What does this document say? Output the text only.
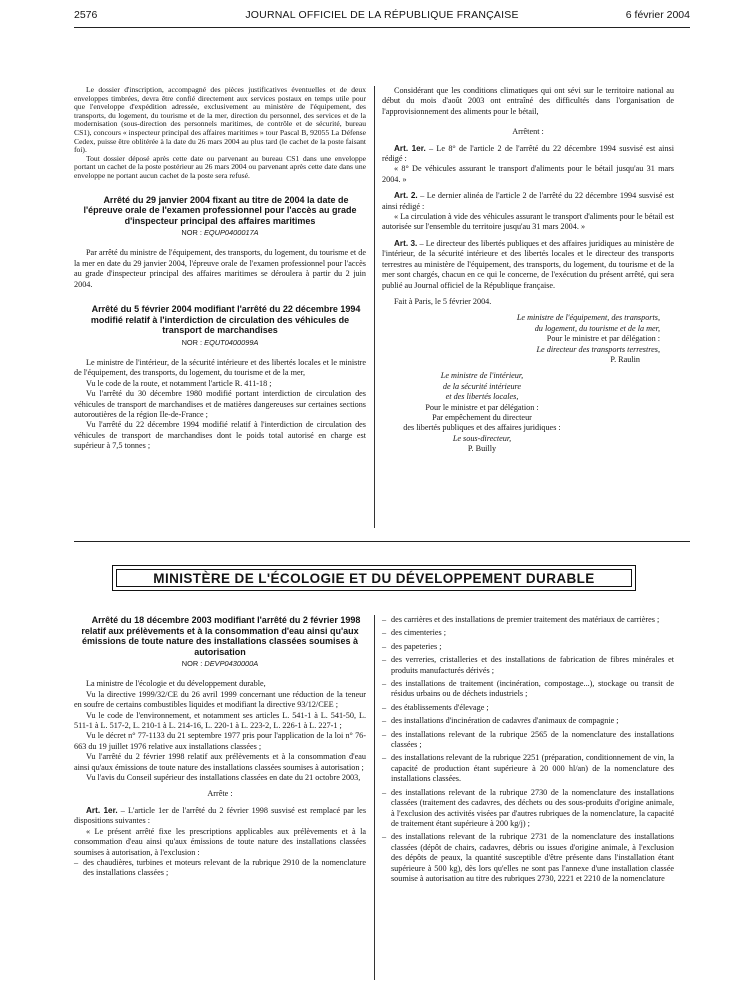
2576	JOURNAL OFFICIEL DE LA RÉPUBLIQUE FRANÇAISE	6 février 2004

Le dossier d'inscription, accompagné des pièces justificatives éventuelles et de deux enveloppes timbrées, devra être confié directement aux services postaux en temps utile pour que l'enveloppe d'expédition adressée, exclusivement au ministère de l'équipement, des transports, du logement, du tourisme et de la mer, direction du personnel, des services et de la modernisation (sous-direction des personnels maritimes, de contrôle et de sécurité, bureau CS1), concours « inspecteur principal des affaires maritimes » tour Pascal B, 92055 La Défense Cedex, puisse être oblitérée à la date du 26 mars 2004 au plus tard (le cachet de la poste faisant foi).

Tout dossier déposé après cette date ou parvenant au bureau CS1 dans une enveloppe portant un cachet de la poste postérieur au 26 mars 2004 ou parvenant après cette date dans une enveloppe ne portant aucun cachet de la poste sera refusé.

Arrêté du 29 janvier 2004 fixant au titre de 2004 la date de l'épreuve orale de l'examen professionnel pour l'accès au grade d'inspecteur principal des affaires maritimes

NOR : EQUP0400017A

Par arrêté du ministre de l'équipement, des transports, du logement, du tourisme et de la mer en date du 29 janvier 2004, l'épreuve orale de l'examen professionnel pour l'accès au grade d'inspecteur principal des affaires maritimes se déroulera à partir du 2 juin 2004.

Arrêté du 5 février 2004 modifiant l'arrêté du 22 décembre 1994 modifié relatif à l'interdiction de circulation des véhicules de transport de marchandises

NOR : EQUT0400099A

Le ministre de l'intérieur, de la sécurité intérieure et des libertés locales et le ministre de l'équipement, des transports, du logement, du tourisme et de la mer,

Vu le code de la route, et notamment l'article R. 411-18 ;

Vu l'arrêté du 30 décembre 1980 modifié portant interdiction de circulation des véhicules de transport de marchandises et de matières dangereuses sur certaines sections autoroutières de la région Ile-de-France ;

Vu l'arrêté du 22 décembre 1994 modifié relatif à l'interdiction de circulation des véhicules de transport de marchandises dont le poids total autorisé en charge est supérieur à 7,5 tonnes ;

Considérant que les conditions climatiques qui ont sévi sur le territoire national au début du mois d'août 2003 ont entraîné des difficultés dans l'organisation de l'approvisionnement des aliments pour le bétail,

Arrêtent :

Art. 1er. – Le 8° de l'article 2 de l'arrêté du 22 décembre 1994 susvisé est ainsi rédigé :

« 8° De véhicules assurant le transport d'aliments pour le bétail jusqu'au 31 mars 2004. »

Art. 2. – Le dernier alinéa de l'article 2 de l'arrêté du 22 décembre 1994 susvisé est ainsi rédigé :

« La circulation à vide des véhicules assurant le transport d'aliments pour le bétail est autorisée sur l'ensemble du territoire jusqu'au 31 mars 2004. »

Art. 3. – Le directeur des libertés publiques et des affaires juridiques au ministère de l'intérieur, de la sécurité intérieure et des libertés locales et le directeur des transports terrestres au ministère de l'équipement, des transports, du logement, du tourisme et de la mer sont chargés, chacun en ce qui le concerne, de l'exécution du présent arrêté, qui sera publié au Journal officiel de la République française.

Fait à Paris, le 5 février 2004.

Le ministre de l'équipement, des transports,
du logement, du tourisme et de la mer,
Pour le ministre et par délégation :
Le directeur des transports terrestres,
P. Raulin
Le ministre de l'intérieur,
de la sécurité intérieure
et des libertés locales,
Pour le ministre et par délégation :
Par empêchement du directeur
des libertés publiques et des affaires juridiques :
Le sous-directeur,
P. Builly
MINISTÈRE DE L'ÉCOLOGIE ET DU DÉVELOPPEMENT DURABLE

Arrêté du 18 décembre 2003 modifiant l'arrêté du 2 février 1998 relatif aux prélèvements et à la consommation d'eau ainsi qu'aux émissions de toute nature des installations classées soumises à autorisation

NOR : DEVP0430000A

La ministre de l'écologie et du développement durable,

Vu la directive 1999/32/CE du 26 avril 1999 concernant une réduction de la teneur en soufre de certains combustibles liquides et modifiant la directive 93/12/CEE ;

Vu le code de l'environnement, et notamment ses articles L. 541-1 à L. 541-50, L. 511-1 à L. 517-2, L. 210-1 à L. 214-16, L. 220-1 à L. 223-2, L. 226-1 à L. 227-1 ;

Vu le décret n° 77-1133 du 21 septembre 1977 pris pour l'application de la loi n° 76-663 du 19 juillet 1976 relative aux installations classées ;

Vu l'arrêté du 2 février 1998 relatif aux prélèvements et à la consommation d'eau ainsi qu'aux émissions de toute nature des installations classées soumises à autorisation ;

Vu l'avis du Conseil supérieur des installations classées en date du 21 octobre 2003,

Arrête :

Art. 1er. – L'article 1er de l'arrêté du 2 février 1998 susvisé est remplacé par les dispositions suivantes :

« Le présent arrêté fixe les prescriptions applicables aux prélèvements et à la consommation d'eau ainsi qu'aux émissions de toute nature des installations classées soumises à autorisation, à l'exclusion :

– des chaudières, turbines et moteurs relevant de la rubrique 2910 de la nomenclature des installations classées ;
– des carrières et des installations de premier traitement des matériaux de carrières ;
– des cimenteries ;
– des papeteries ;
– des verreries, cristalleries et des installations de fabrication de fibres minérales et produits manufacturés dérivés ;
– des installations de traitement (incinération, compostage...), stockage ou transit de résidus urbains ou de déchets industriels ;
– des établissements d'élevage ;
– des installations d'incinération de cadavres d'animaux de compagnie ;
– des installations relevant de la rubrique 2565 de la nomenclature des installations classées ;
– des installations relevant de la rubrique 2251 (préparation, conditionnement de vin, la capacité de production étant supérieure à 20 000 hl/an) de la nomenclature des installations classées.
– des installations relevant de la rubrique 2730 de la nomenclature des installations classées (traitement des cadavres, des déchets ou des sous-produits d'origine animale, à l'exclusion des activités visées par d'autres rubriques de la nomenclature, la capacité de traitement étant supérieure à 200 kg/j) ;
– des installations relevant de la rubrique 2731 de la nomenclature des installations classées (dépôt de chairs, cadavres, débris ou issues d'origine animale, à l'exclusion des dépôts de peaux, la quantité susceptible d'être présente dans l'installation étant supérieure à 500 kg), dès lors qu'elles ne sont pas l'annexe d'une installation classée soumise à autorisation au titre des rubriques 2730, 2221 et 2210 de la nomenclature
